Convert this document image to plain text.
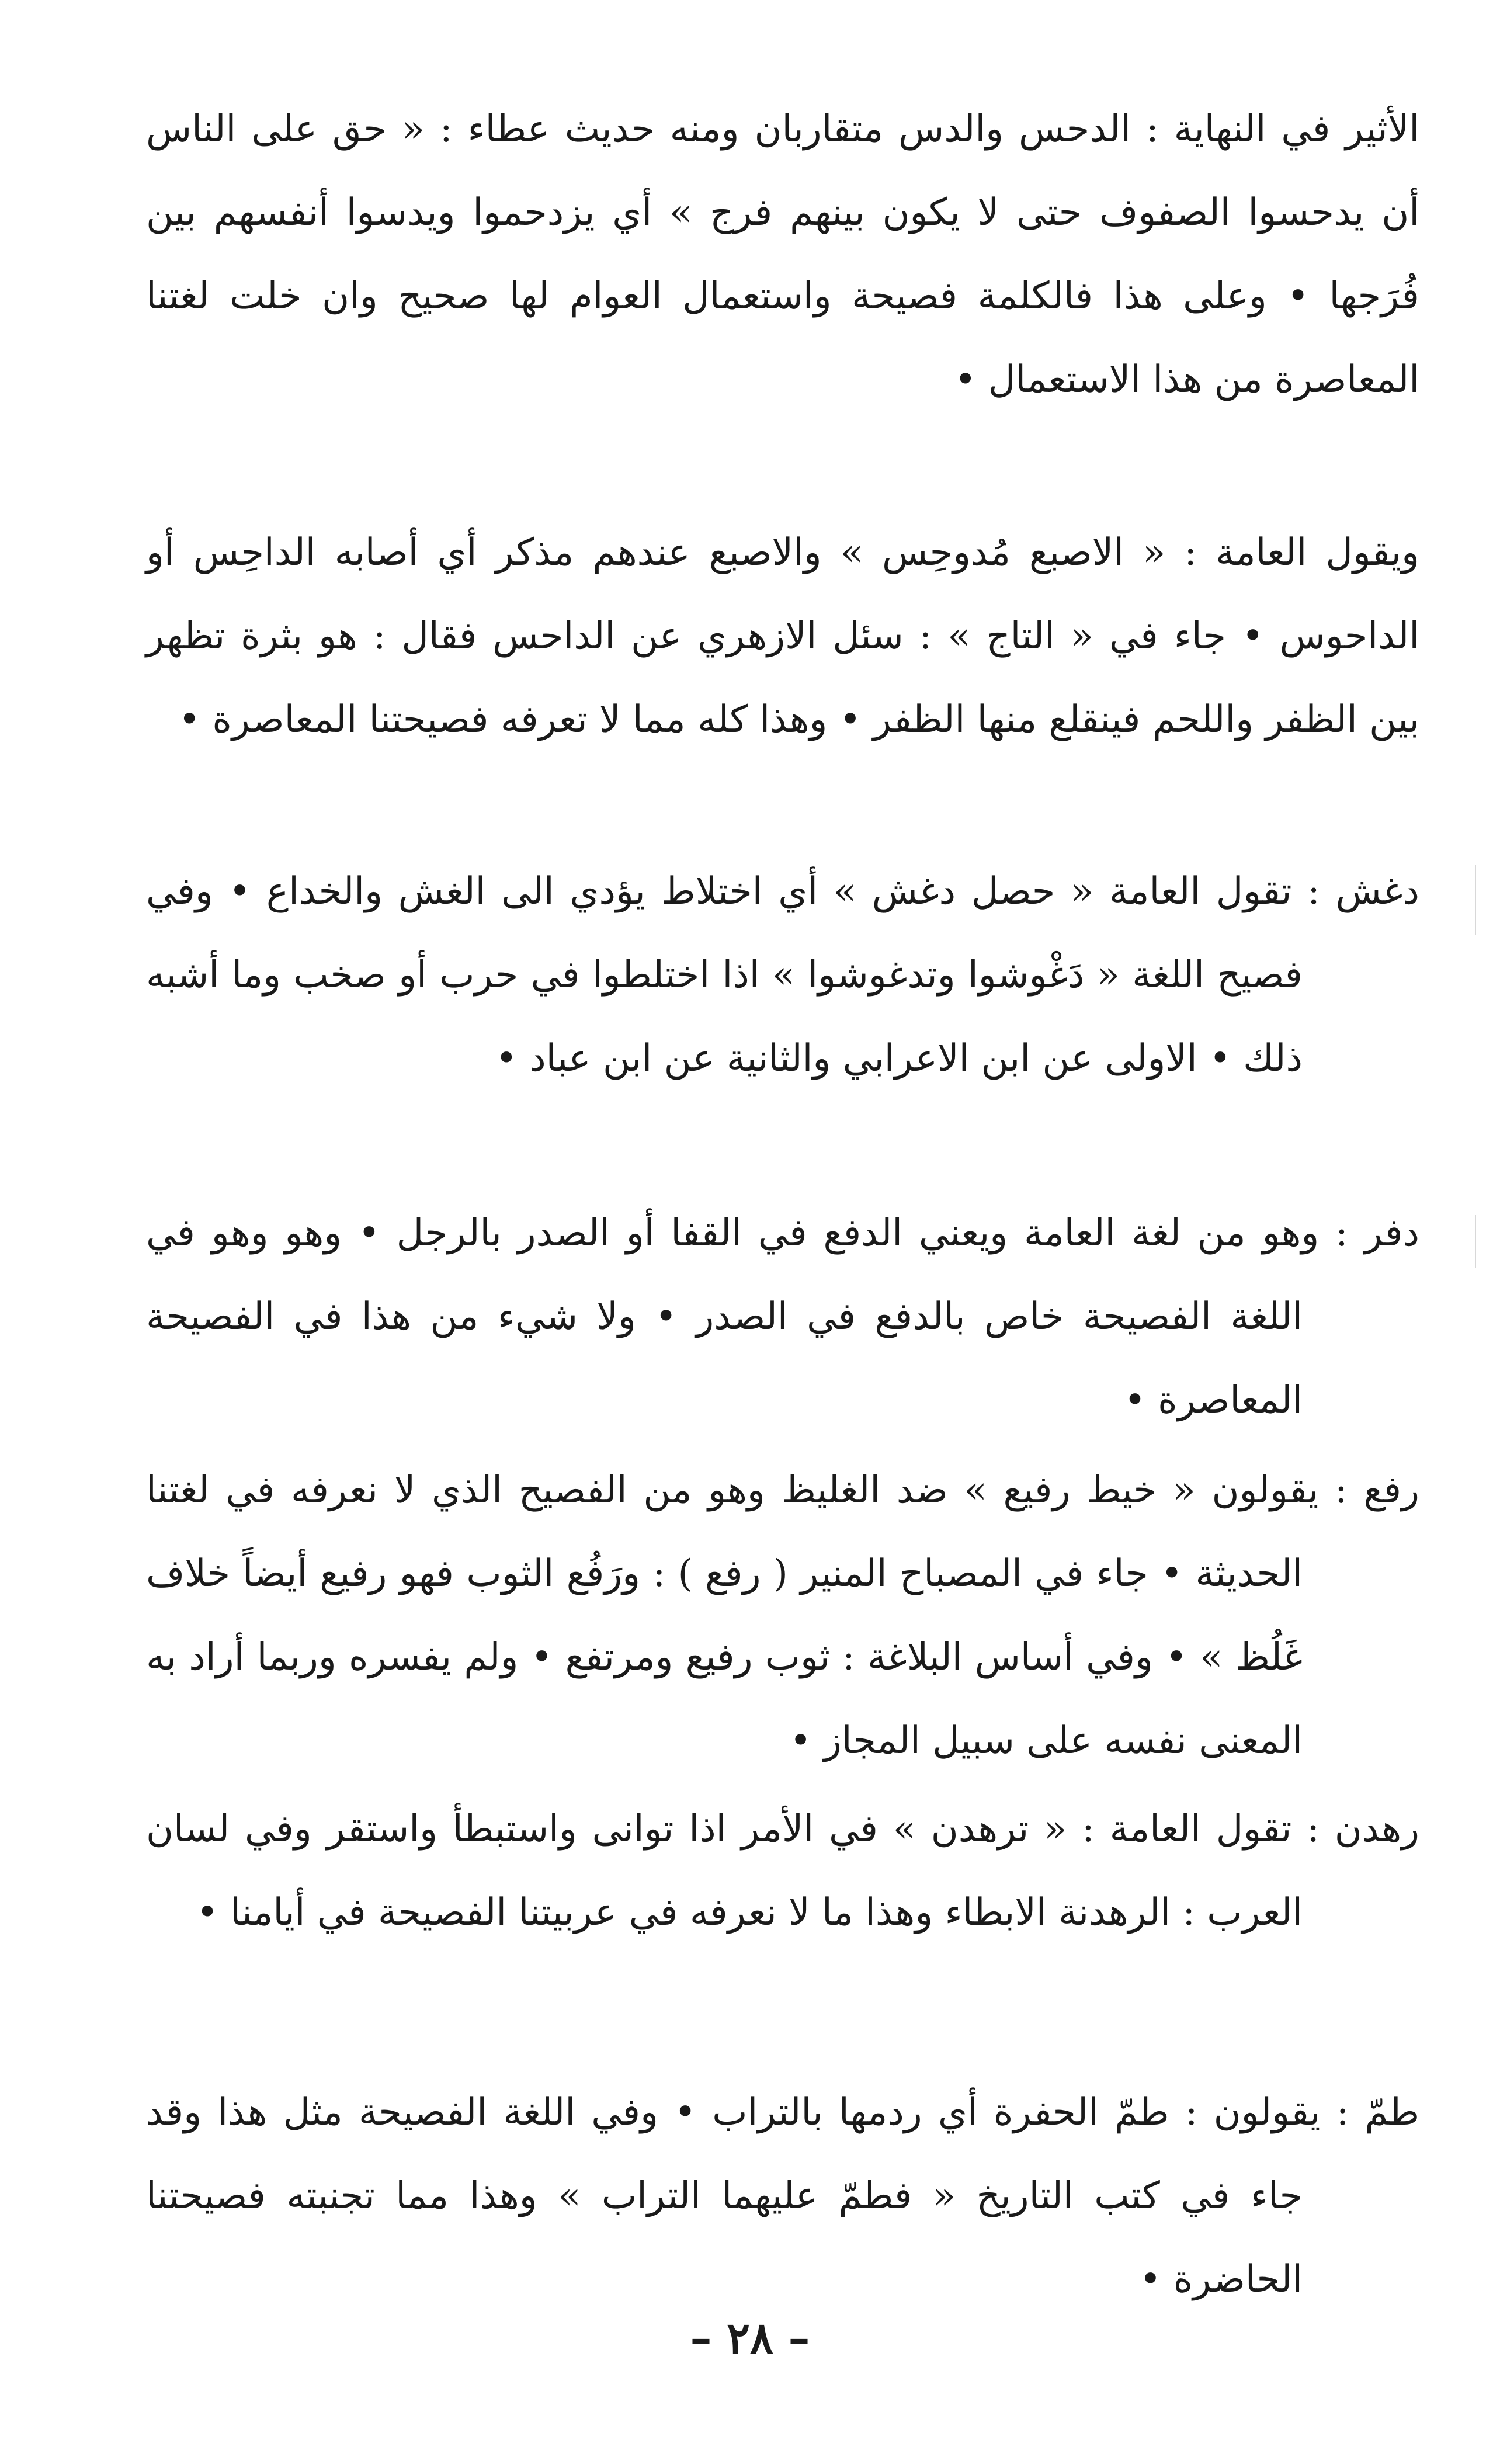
الأثير في النهاية : الدحس والدس متقاربان ومنه حديث عطاء : « حق على الناس أن يدحسوا الصفوف حتى لا يكون بينهم فرج » أي يزدحموا ويدسوا أنفسهم بين فُرَجها • وعلى هذا فالكلمة فصيحة واستعمال العوام لها صحيح وان خلت لغتنا المعاصرة من هذا الاستعمال •
ويقول العامة : « الاصبع مُدوحِس » والاصبع عندهم مذكر أي أصابه الداحِس أو الداحوس • جاء في « التاج » : سئل الازهري عن الداحس فقال : هو بثرة تظهر بين الظفر واللحم فينقلع منها الظفر • وهذا كله مما لا تعرفه فصيحتنا المعاصرة •
دغش : تقول العامة « حصل دغش » أي اختلاط يؤدي الى الغش والخداع • وفي فصيح اللغة « دَغْوشوا وتدغوشوا » اذا اختلطوا في حرب أو صخب وما أشبه ذلك • الاولى عن ابن الاعرابي والثانية عن ابن عباد •
دفر : وهو من لغة العامة ويعني الدفع في القفا أو الصدر بالرجل • وهو وهو في اللغة الفصيحة خاص بالدفع في الصدر • ولا شيء من هذا في الفصيحة المعاصرة •
رفع : يقولون « خيط رفيع » ضد الغليظ وهو من الفصيح الذي لا نعرفه في لغتنا الحديثة • جاء في المصباح المنير ( رفع ) : ورَفُع الثوب فهو رفيع أيضاً خلاف غَلُظ » • وفي أساس البلاغة : ثوب رفيع ومرتفع • ولم يفسره وربما أراد به المعنى نفسه على سبيل المجاز •
رهدن : تقول العامة : « ترهدن » في الأمر اذا توانى واستبطأ واستقر وفي لسان العرب : الرهدنة الابطاء وهذا ما لا نعرفه في عربيتنا الفصيحة في أيامنا •
طمّ : يقولون : طمّ الحفرة أي ردمها بالتراب • وفي اللغة الفصيحة مثل هذا وقد جاء في كتب التاريخ « فطمّ عليهما التراب » وهذا مما تجنبته فصيحتنا الحاضرة •
– ٢٨ –
